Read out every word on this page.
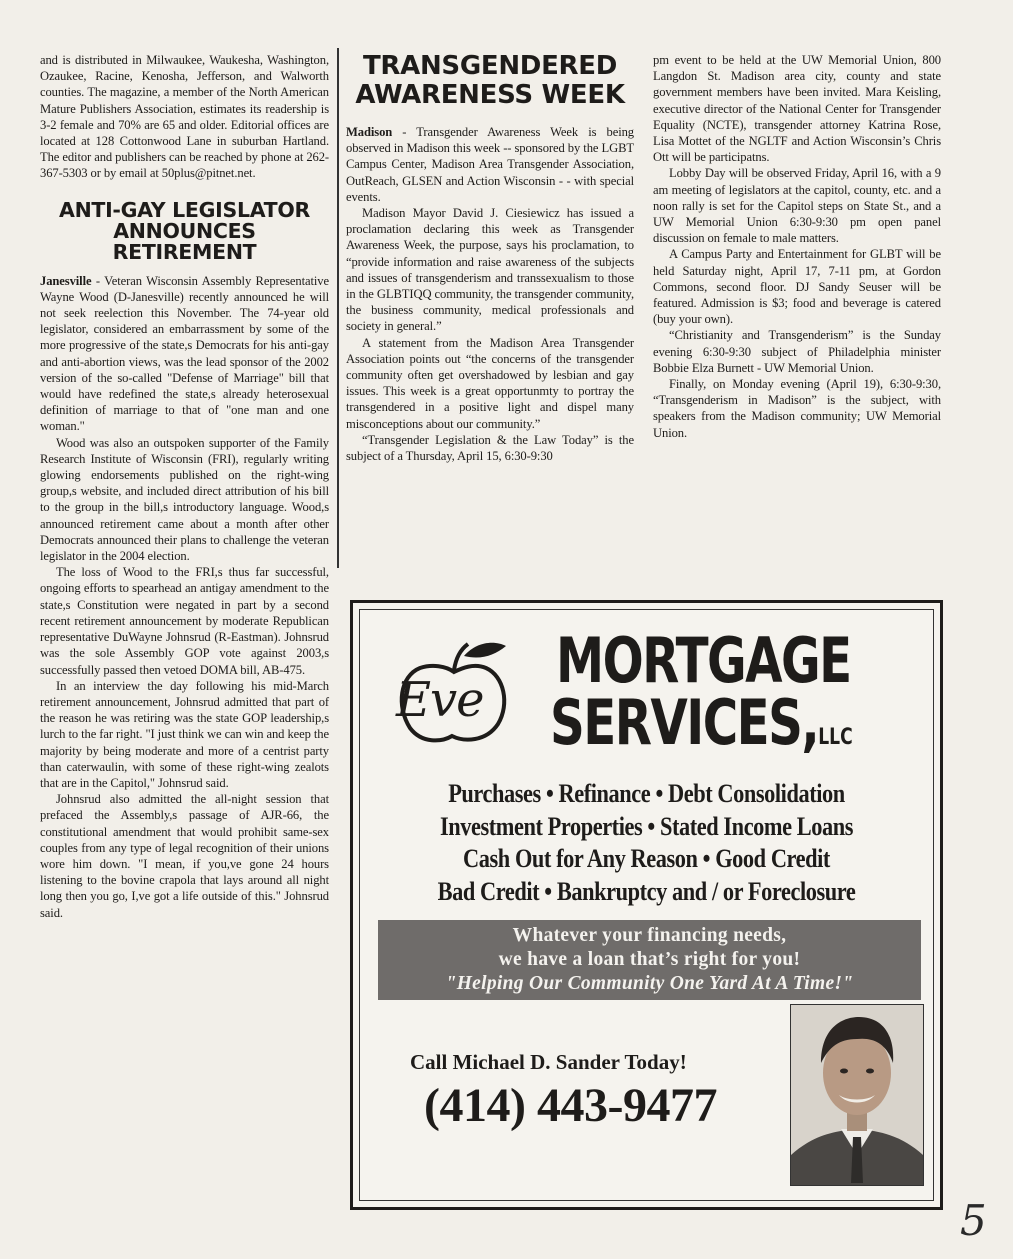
and is distributed in Milwaukee, Waukesha, Washington, Ozaukee, Racine, Kenosha, Jefferson, and Walworth counties. The magazine, a member of the North American Mature Publishers Association, estimates its readership is 3-2 female and 70% are 65 and older. Editorial offices are located at 128 Cottonwood Lane in suburban Hartland. The editor and publishers can be reached by phone at 262-367-5303 or by email at 50plus@pitnet.net.

ANTI-GAY LEGISLATOR ANNOUNCES RETIREMENT

Janesville - Veteran Wisconsin Assembly Representative Wayne Wood (D-Janesville) recently announced he will not seek reelection this November. The 74-year old legislator, considered an embarrassment by some of the more progressive of the state,s Democrats for his anti-gay and anti-abortion views, was the lead sponsor of the 2002 version of the so-called "Defense of Marriage" bill that would have redefined the state,s already heterosexual definition of marriage to that of "one man and one woman."

Wood was also an outspoken supporter of the Family Research Institute of Wisconsin (FRI), regularly writing glowing endorsements published on the right-wing group,s website, and included direct attribution of his bill to the group in the bill,s introductory language. Wood,s announced retirement came about a month after other Democrats announced their plans to challenge the veteran legislator in the 2004 election.

The loss of Wood to the FRI,s thus far successful, ongoing efforts to spearhead an antigay amendment to the state,s Constitution were negated in part by a second recent retirement announcement by moderate Republican representative DuWayne Johnsrud (R-Eastman). Johnsrud was the sole Assembly GOP vote against 2003,s successfully passed then vetoed DOMA bill, AB-475.

In an interview the day following his mid-March retirement announcement, Johnsrud admitted that part of the reason he was retiring was the state GOP leadership,s lurch to the far right. "I just think we can win and keep the majority by being moderate and more of a centrist party than caterwaulin, with some of these right-wing zealots that are in the Capitol," Johnsrud said.

Johnsrud also admitted the all-night session that prefaced the Assembly,s passage of AJR-66, the constitutional amendment that would prohibit same-sex couples from any type of legal recognition of their unions wore him down. "I mean, if you,ve gone 24 hours listening to the bovine crapola that lays around all night long then you go, I,ve got a life outside of this." Johnsrud said.

TRANSGENDERED AWARENESS WEEK

Madison - Transgender Awareness Week is being observed in Madison this week -- sponsored by the LGBT Campus Center, Madison Area Transgender Association, OutReach, GLSEN and Action Wisconsin - - with special events.

Madison Mayor David J. Ciesiewicz has issued a proclamation declaring this week as Transgender Awareness Week, the purpose, says his proclamation, to “provide information and raise awareness of the subjects and issues of transgenderism and transsexualism to those in the GLBTIQQ community, the transgender community, the business community, medical professionals and society in general.”

A statement from the Madison Area Transgender Association points out “the concerns of the transgender community often get overshadowed by lesbian and gay issues. This week is a great opportunmty to portray the transgendered in a positive light and dispel many misconceptions about our community.”

“Transgender Legislation & the Law Today” is the subject of a Thursday, April 15, 6:30-9:30

pm event to be held at the UW Memorial Union, 800 Langdon St. Madison area city, county and state government members have been invited. Mara Keisling, executive director of the National Center for Transgender Equality (NCTE), transgender attorney Katrina Rose, Lisa Mottet of the NGLTF and Action Wisconsin’s Chris Ott will be participatns.

Lobby Day will be observed Friday, April 16, with a 9 am meeting of legislators at the capitol, county, etc. and a noon rally is set for the Capitol steps on State St., and a UW Memorial Union 6:30-9:30 pm open panel discussion on female to male matters.

A Campus Party and Entertainment for GLBT will be held Saturday night, April 17, 7-11 pm, at Gordon Commons, second floor. DJ Sandy Seuser will be featured. Admission is $3; food and beverage is catered (buy your own).

“Christianity and Transgenderism” is the Sunday evening 6:30-9:30 subject of Philadelphia minister Bobbie Elza Burnett - UW Memorial Union.

Finally, on Monday evening (April 19), 6:30-9:30, “Transgenderism in Madison” is the subject, with speakers from the Madison community; UW Memorial Union.

Eve
MORTGAGE
SERVICES,LLC
Purchases • Refinance • Debt Consolidation
Investment Properties • Stated Income Loans
Cash Out for Any Reason • Good Credit
Bad Credit • Bankruptcy and / or Foreclosure
Whatever your financing needs,
we have a loan that’s right for you!
"Helping Our Community One Yard At A Time!"
Call Michael D. Sander Today!
(414) 443-9477
5
